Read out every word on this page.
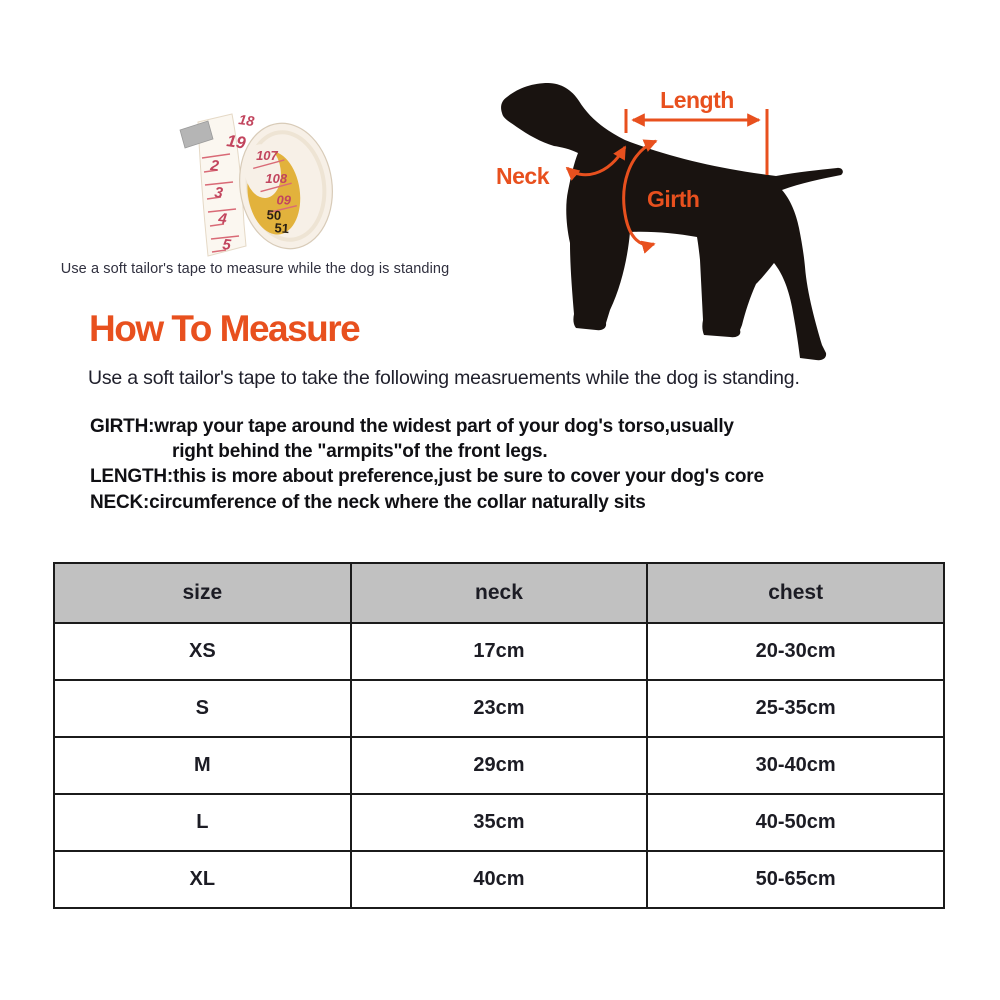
18
19
2
3
4
5
107
108
09
50
51
Use a soft tailor's tape to measure while the dog is standing
Length
Neck
Girth
How To Measure

Use a soft tailor's tape to take the following measruements while the dog is standing.

GIRTH:wrap your tape around the widest part of your dog's torso,usually
right behind the "armpits"of the front legs.
LENGTH:this is more about preference,just be sure to cover your dog's core
NECK:circumference of the neck where the collar naturally sits
size	neck	chest
XS	17cm	20-30cm
S	23cm	25-35cm
M	29cm	30-40cm
L	35cm	40-50cm
XL	40cm	50-65cm
